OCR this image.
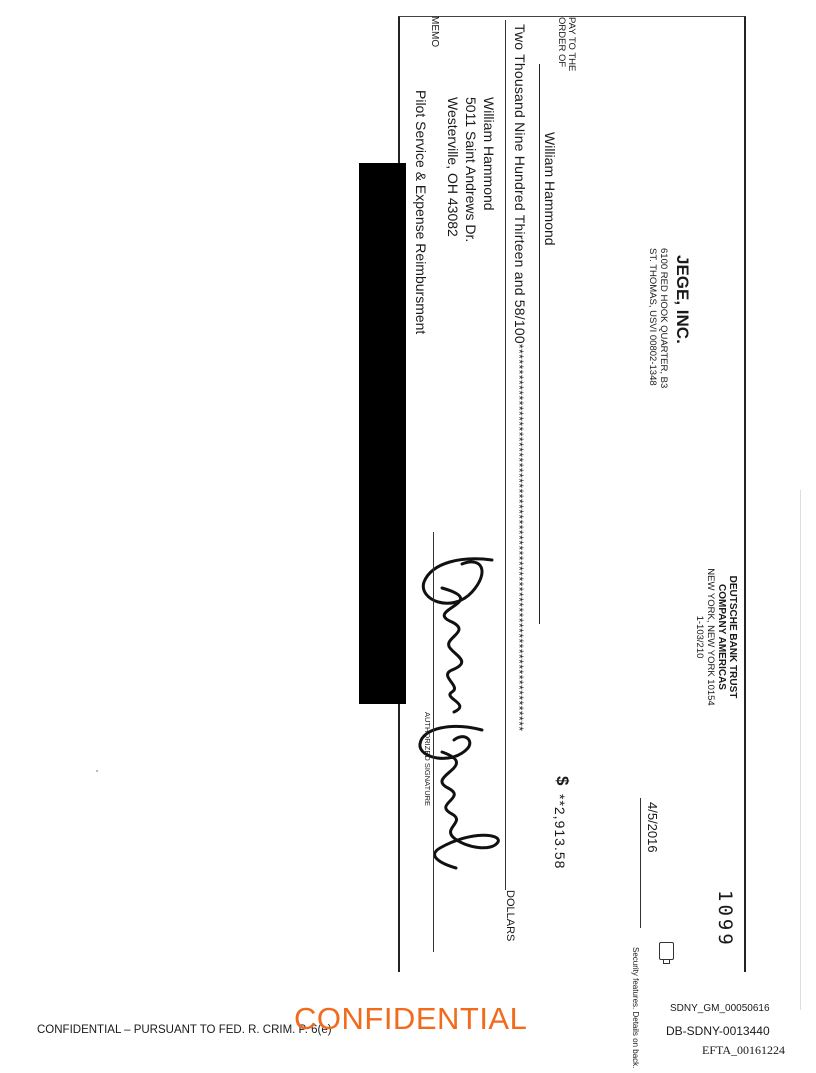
1099
JEGE, INC.
6100 RED HOOK QUARTER, B3
ST. THOMAS, USVI 00802-1348
DEUTSCHE BANK TRUST
COMPANY AMERICAS
NEW YORK, NEW YORK 10154
1-103/210
4/5/2016
PAY TO THE
ORDER OF
William Hammond
$
**2,913.58
Two Thousand Nine Hundred Thirteen and 58/100***************************************************************************
DOLLARS
William Hammond
5011 Saint Andrews Dr.
Westerville, OH 43082
MEMO
Pilot Service & Expense Reimbursment
AUTHORIZED SIGNATURE
Security features. Details on back.
CONFIDENTIAL – PURSUANT TO FED. R. CRIM. P. 6(e)
CONFIDENTIAL	SDNY_GM_00050616
DB-SDNY-0013440
EFTA_00161224
